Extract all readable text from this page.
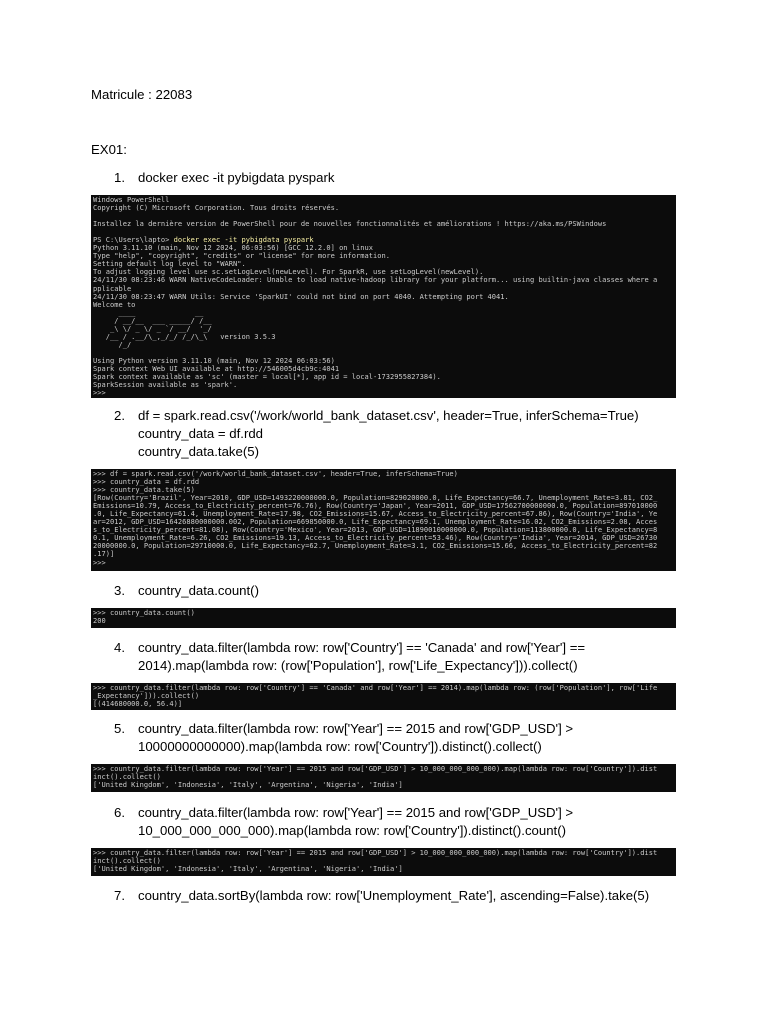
Matricule : 22083
EX01:
1. docker exec -it pybigdata pyspark
Windows PowerShell
Copyright (C) Microsoft Corporation. Tous droits réservés.
Installez la dernière version de PowerShell pour de nouvelles fonctionnalités et améliorations ! https://aka.ms/PSWindows
PS C:\Users\lapto> docker exec -it pybigdata pyspark
Python 3.11.10 (main, Nov 12 2024, 06:03:56) [GCC 12.2.0] on linux
Type "help", "copyright", "credits" or "license" for more information.
Setting default log level to "WARN".
To adjust logging level use sc.setLogLevel(newLevel). For SparkR, use setLogLevel(newLevel).
24/11/30 08:23:46 WARN NativeCodeLoader: Unable to load native-hadoop library for your platform... using builtin-java classes where a
pplicable
24/11/30 08:23:47 WARN Utils: Service 'SparkUI' could not bind on port 4040. Attempting port 4041.
Welcome to
____              __
/ __/__  ___ _____/ /__
_\ \/ _ \/ _ `/ __/  '_/
/__ / .__/\_,_/_/ /_/\_\   version 3.5.3
/_/
Using Python version 3.11.10 (main, Nov 12 2024 06:03:56)
Spark context Web UI available at http://546005d4cb9c:4041
Spark context available as 'sc' (master = local[*], app id = local-1732955827384).
SparkSession available as 'spark'.
>>>
2. df = spark.read.csv('/work/world_bank_dataset.csv', header=True, inferSchema=True)
country_data = df.rdd
country_data.take(5)
>>> df = spark.read.csv('/work/world_bank_dataset.csv', header=True, inferSchema=True)
>>> country_data = df.rdd
>>> country_data.take(5)
[Row(Country='Brazil', Year=2010, GDP_USD=1493220000000.0, Population=829020000.0, Life_Expectancy=66.7, Unemployment_Rate=3.81, CO2_
Emissions=10.79, Access_to_Electricity_percent=76.76), Row(Country='Japan', Year=2011, GDP_USD=17562700000000.0, Population=897010000
.0, Life_Expectancy=61.4, Unemployment_Rate=17.98, CO2_Emissions=15.67, Access_to_Electricity_percent=67.86), Row(Country='India', Ye
ar=2012, GDP_USD=16426880000000.002, Population=669850000.0, Life_Expectancy=69.1, Unemployment_Rate=16.02, CO2_Emissions=2.08, Acces
s_to_Electricity_percent=81.08), Row(Country='Mexico', Year=2013, GDP_USD=11890010000000.0, Population=113800000.0, Life_Expectancy=8
0.1, Unemployment_Rate=6.26, CO2_Emissions=19.13, Access_to_Electricity_percent=53.46), Row(Country='India', Year=2014, GDP_USD=26730
20000000.0, Population=29710000.0, Life_Expectancy=62.7, Unemployment_Rate=3.1, CO2_Emissions=15.66, Access_to_Electricity_percent=82
.17)]
>>>
3. country_data.count()
>>> country_data.count()
200
4. country_data.filter(lambda row: row['Country'] == 'Canada' and row['Year'] ==
2014).map(lambda row: (row['Population'], row['Life_Expectancy'])).collect()
>>> country_data.filter(lambda row: row['Country'] == 'Canada' and row['Year'] == 2014).map(lambda row: (row['Population'], row['Life
_Expectancy'])).collect()
[(414680000.0, 56.4)]
5. country_data.filter(lambda row: row['Year'] == 2015 and row['GDP_USD'] >
10000000000000).map(lambda row: row['Country']).distinct().collect()
>>> country_data.filter(lambda row: row['Year'] == 2015 and row['GDP_USD'] > 10_000_000_000_000).map(lambda row: row['Country']).dist
inct().collect()
['United Kingdom', 'Indonesia', 'Italy', 'Argentina', 'Nigeria', 'India']
6. country_data.filter(lambda row: row['Year'] == 2015 and row['GDP_USD'] >
10_000_000_000_000).map(lambda row: row['Country']).distinct().count()
>>> country_data.filter(lambda row: row['Year'] == 2015 and row['GDP_USD'] > 10_000_000_000_000).map(lambda row: row['Country']).dist
inct().collect()
['United Kingdom', 'Indonesia', 'Italy', 'Argentina', 'Nigeria', 'India']
7. country_data.sortBy(lambda row: row['Unemployment_Rate'], ascending=False).take(5)
